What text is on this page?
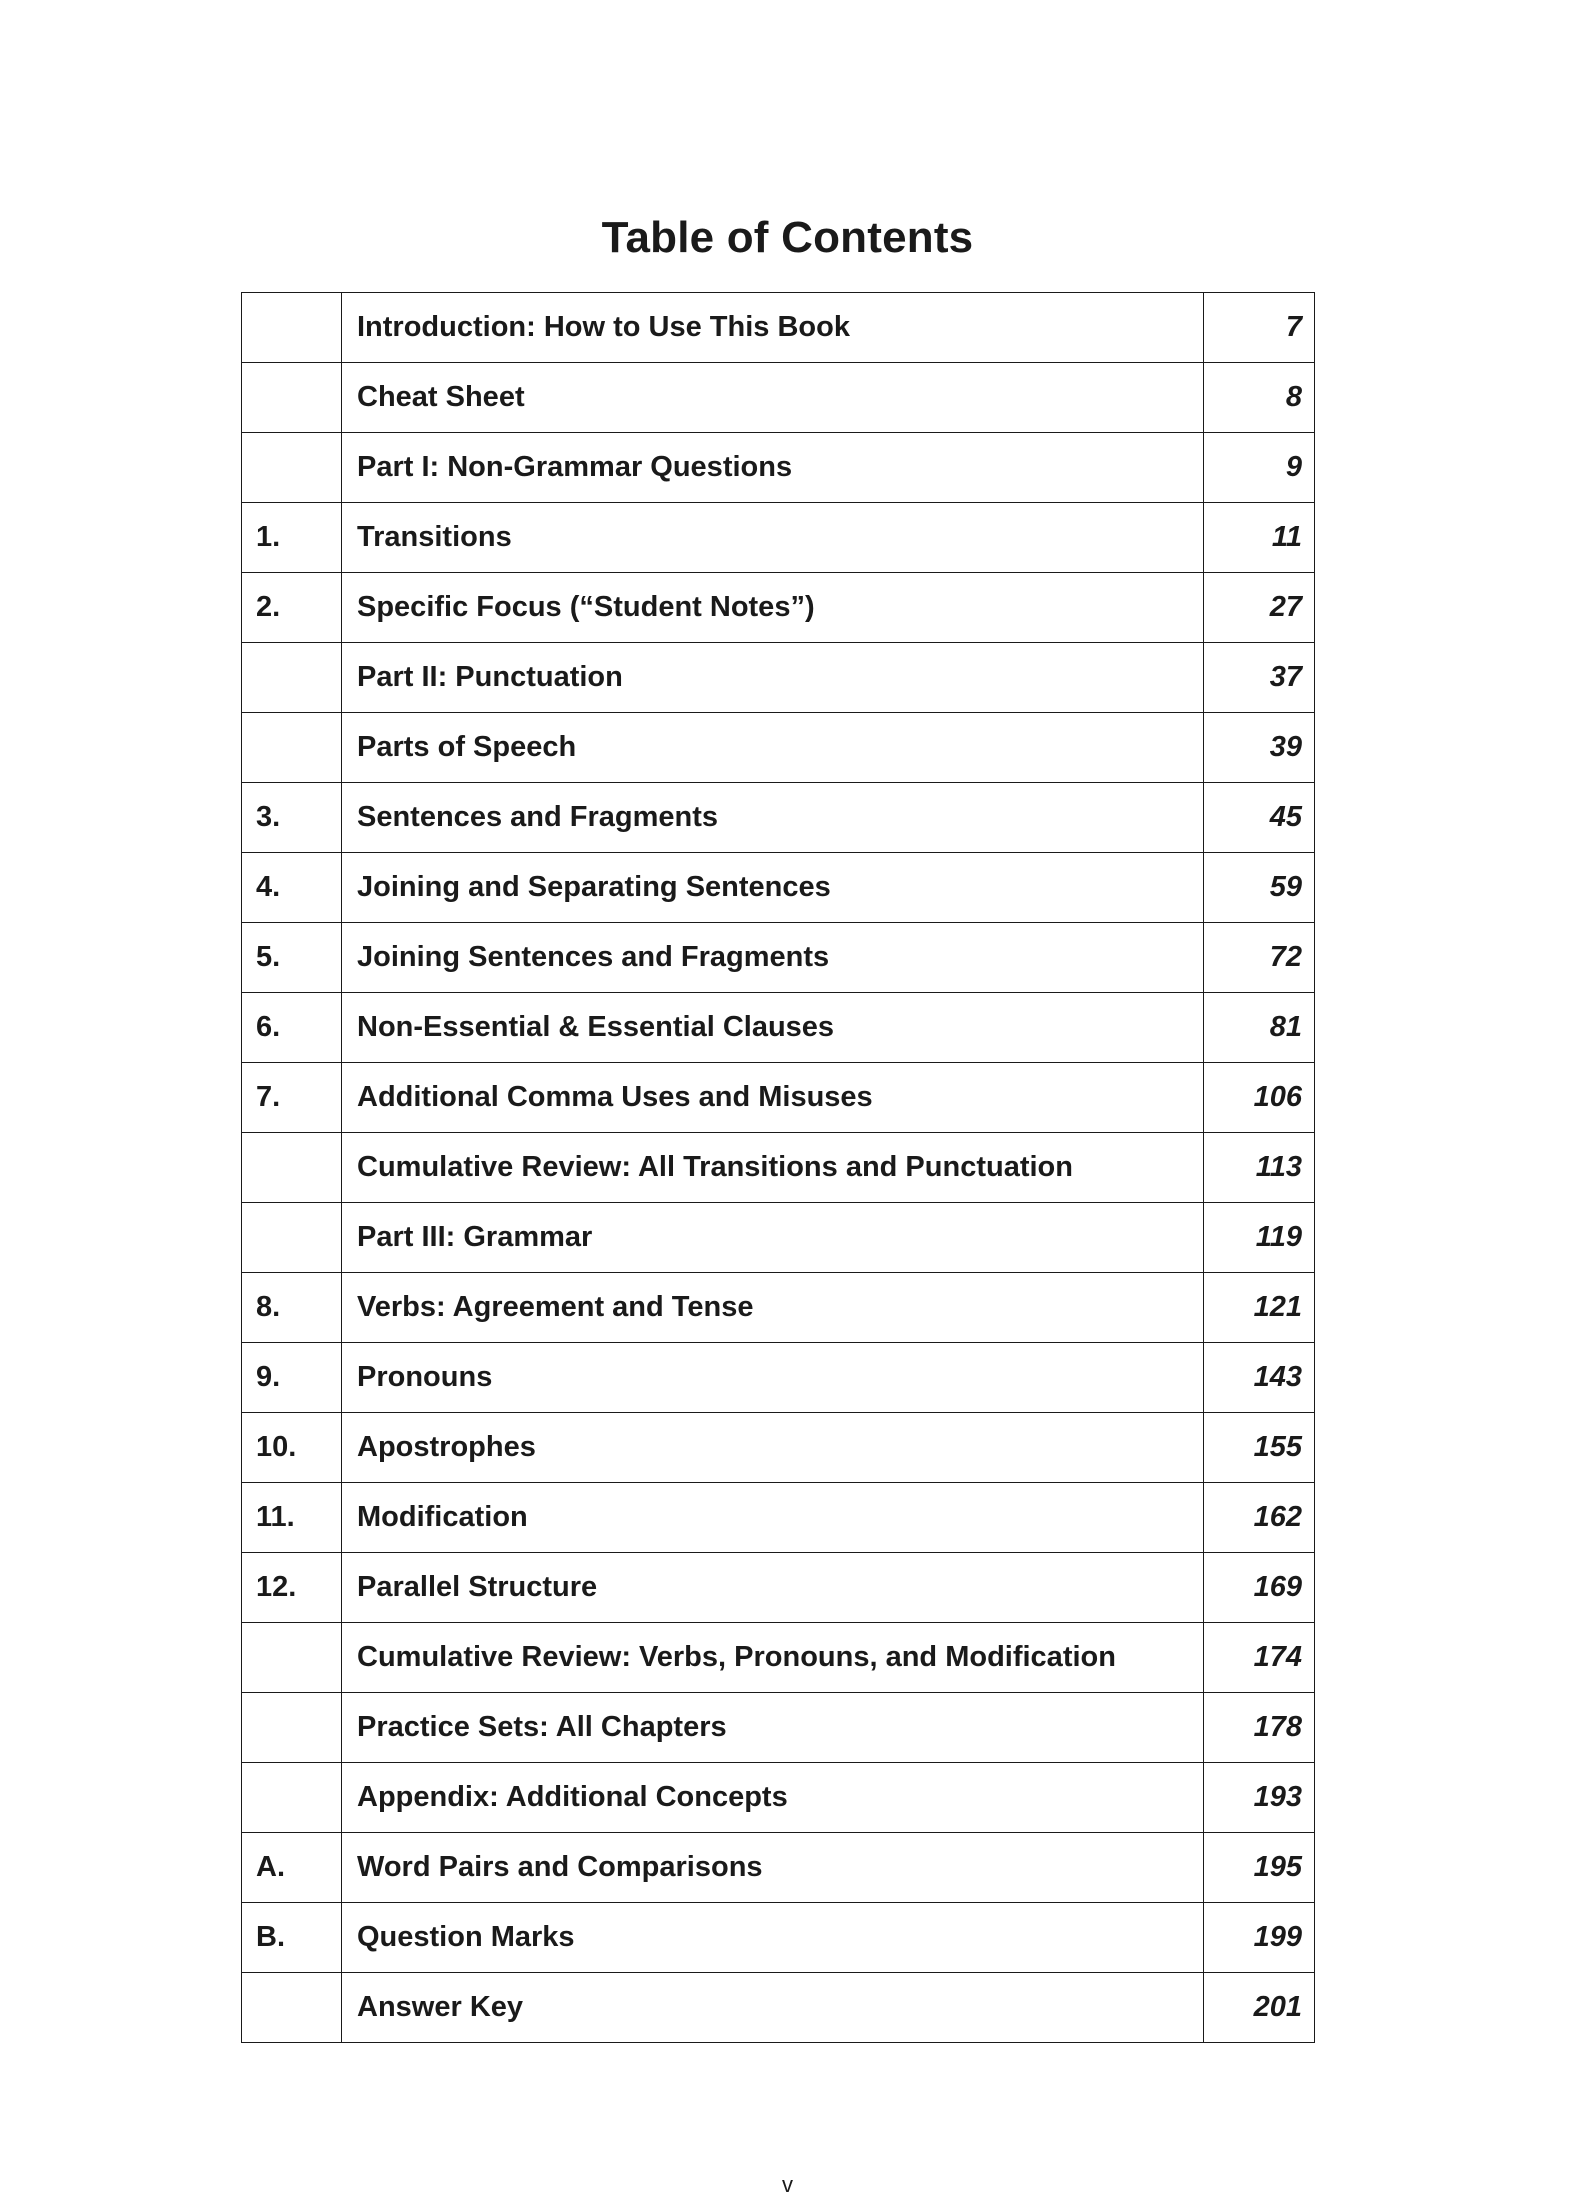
Table of Contents
	Introduction: How to Use This Book	7
	Cheat Sheet	8
	Part I: Non-Grammar Questions	9
1.	Transitions	11
2.	Specific Focus (“Student Notes”)	27
	Part II: Punctuation	37
	Parts of Speech	39
3.	Sentences and Fragments	45
4.	Joining and Separating Sentences	59
5.	Joining Sentences and Fragments	72
6.	Non-Essential & Essential Clauses	81
7.	Additional Comma Uses and Misuses	106
	Cumulative Review: All Transitions and Punctuation	113
	Part III: Grammar	119
8.	Verbs: Agreement and Tense	121
9.	Pronouns	143
10.	Apostrophes	155
11.	Modification	162
12.	Parallel Structure	169
	Cumulative Review: Verbs, Pronouns, and Modification	174
	Practice Sets: All Chapters	178
	Appendix: Additional Concepts	193
A.	Word Pairs and Comparisons	195
B.	Question Marks	199
	Answer Key	201
v
